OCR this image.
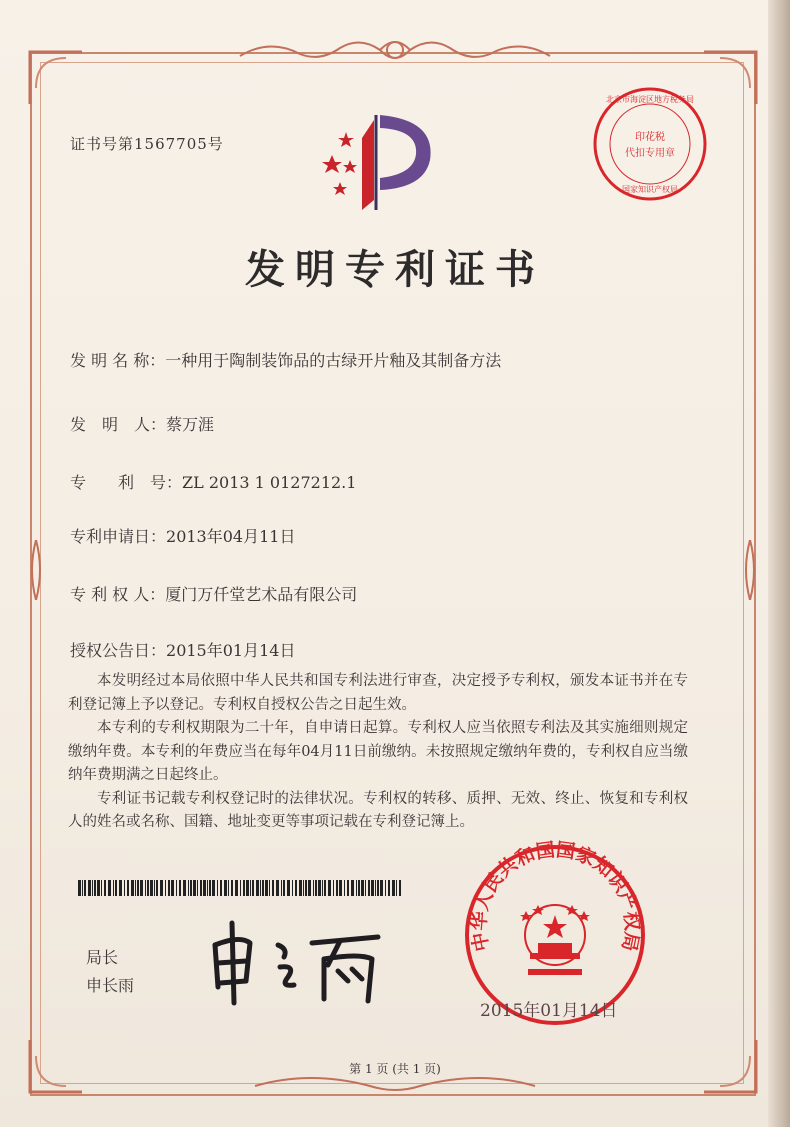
证书号第1567705号	印花税
代扣专用章
北京市海淀区地方税务局
国家知识产权局
发明专利证书
发 明 名 称：一种用于陶制装饰品的古绿开片釉及其制备方法
发　明　人：蔡万涯
专　　利　号：ZL 2013 1 0127212.1
专利申请日：2013年04月11日
专 利 权 人：厦门万仟堂艺术品有限公司
授权公告日：2015年01月14日

本发明经过本局依照中华人民共和国专利法进行审查，决定授予专利权，颁发本证书并在专利登记簿上予以登记。专利权自授权公告之日起生效。

本专利的专利权期限为二十年，自申请日起算。专利权人应当依照专利法及其实施细则规定缴纳年费。本专利的年费应当在每年04月11日前缴纳。未按照规定缴纳年费的，专利权自应当缴纳年费期满之日起终止。

专利证书记载专利权登记时的法律状况。专利权的转移、质押、无效、终止、恢复和专利权人的姓名或名称、国籍、地址变更等事项记载在专利登记簿上。

局长
申长雨
中华人民共和国国家知识产权局
2015年01月14日
第 1 页 (共 1 页)
